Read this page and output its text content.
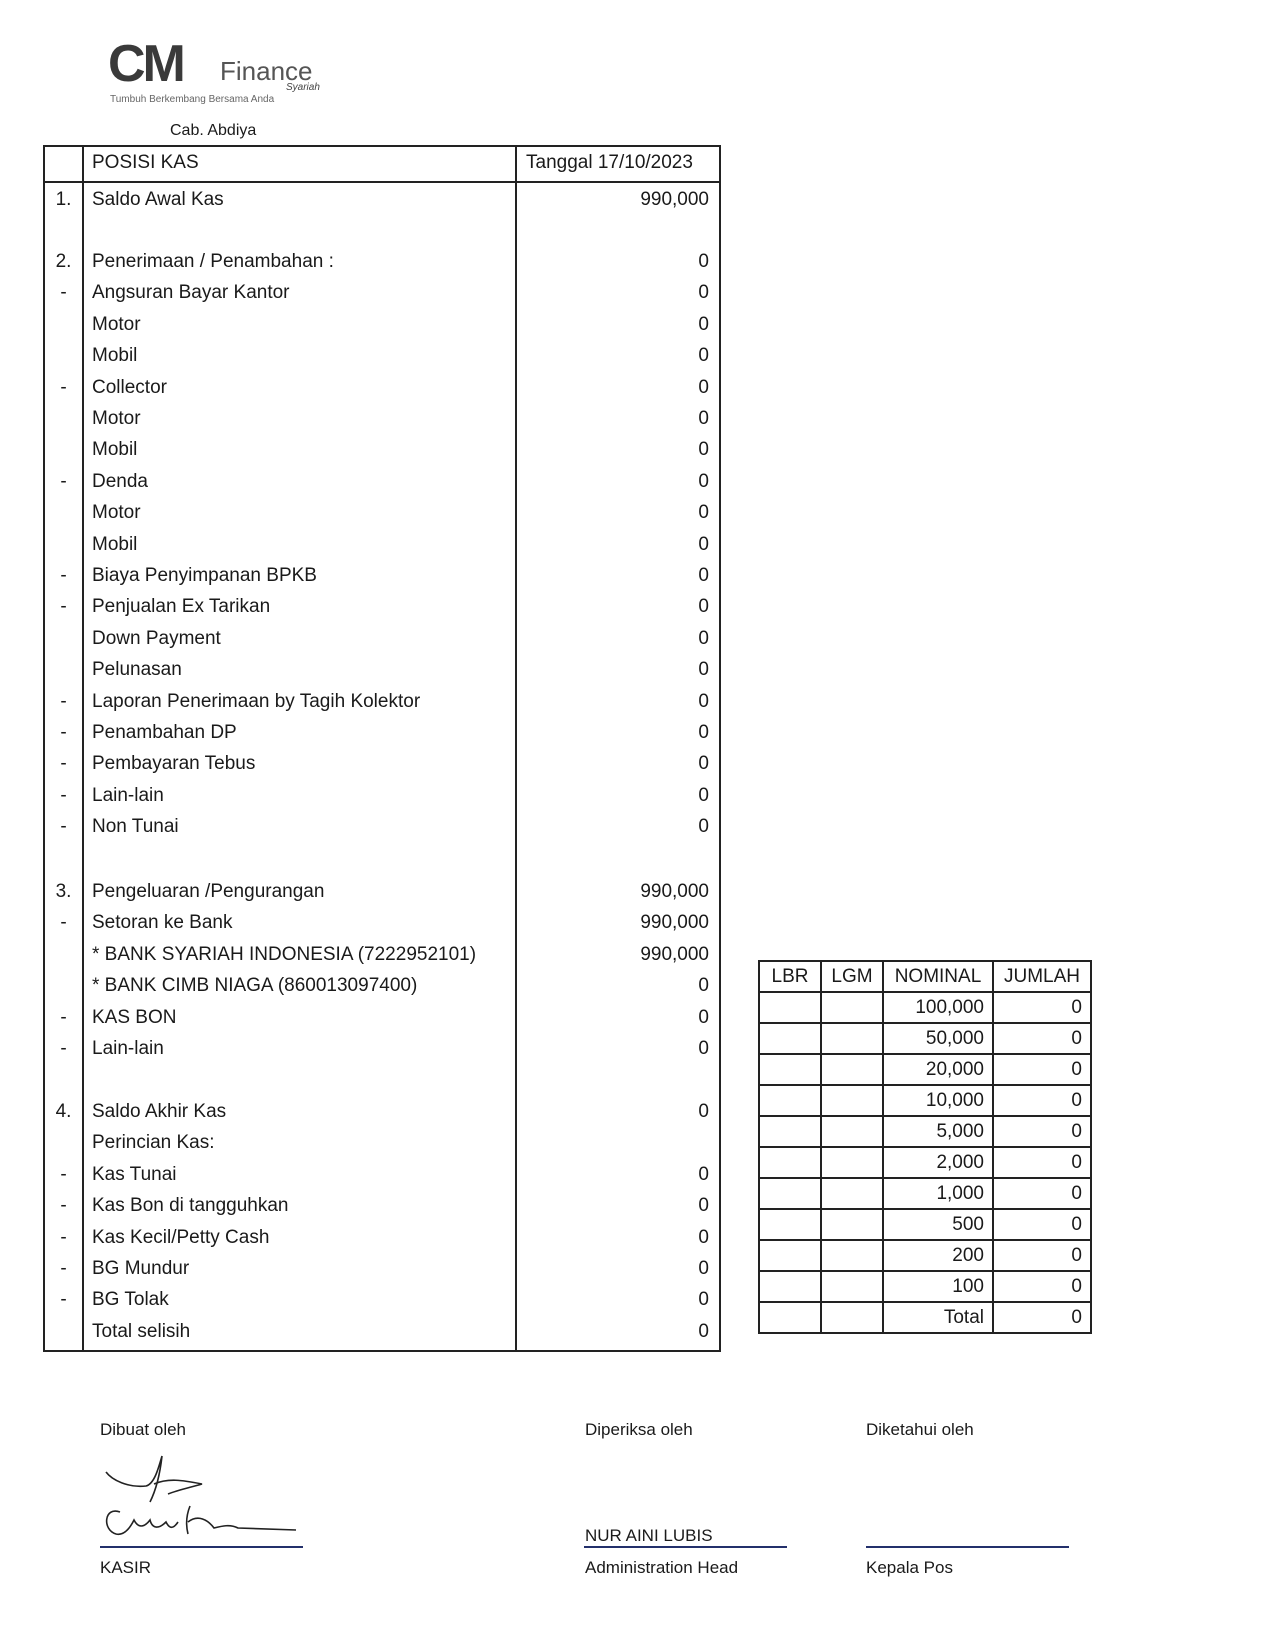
CM Finance
Syariah
Tumbuh Berkembang Bersama Anda
Cab. Abdiya
POSISI KAS	Tanggal 17/10/2023
1.	Saldo Awal Kas	990,000
2.	Penerimaan / Penambahan :	0
-	Angsuran Bayar Kantor	0
Motor	0
Mobil	0
-	Collector	0
Motor	0
Mobil	0
-	Denda	0
Motor	0
Mobil	0
-	Biaya Penyimpanan BPKB	0
-	Penjualan Ex Tarikan	0
Down Payment	0
Pelunasan	0
-	Laporan Penerimaan by Tagih Kolektor	0
-	Penambahan DP	0
-	Pembayaran Tebus	0
-	Lain-lain	0
-	Non Tunai	0
3.	Pengeluaran /Pengurangan	990,000
-	Setoran ke Bank	990,000
* BANK SYARIAH INDONESIA (7222952101)	990,000
* BANK CIMB NIAGA (860013097400)	0
-	KAS BON	0
-	Lain-lain	0
4.	Saldo Akhir Kas	0
Perincian Kas:
-	Kas Tunai	0
-	Kas Bon di tangguhkan	0
-	Kas Kecil/Petty Cash	0
-	BG Mundur	0
-	BG Tolak	0
Total selisih	0
LBR	LGM	NOMINAL	JUMLAH
		100,000	0
		50,000	0
		20,000	0
		10,000	0
		5,000	0
		2,000	0
		1,000	0
		500	0
		200	0
		100	0
		Total	0
Dibuat oleh	Diperiksa oleh	Diketahui oleh
KASIR
NUR AINI LUBIS
Administration Head	Kepala Pos
